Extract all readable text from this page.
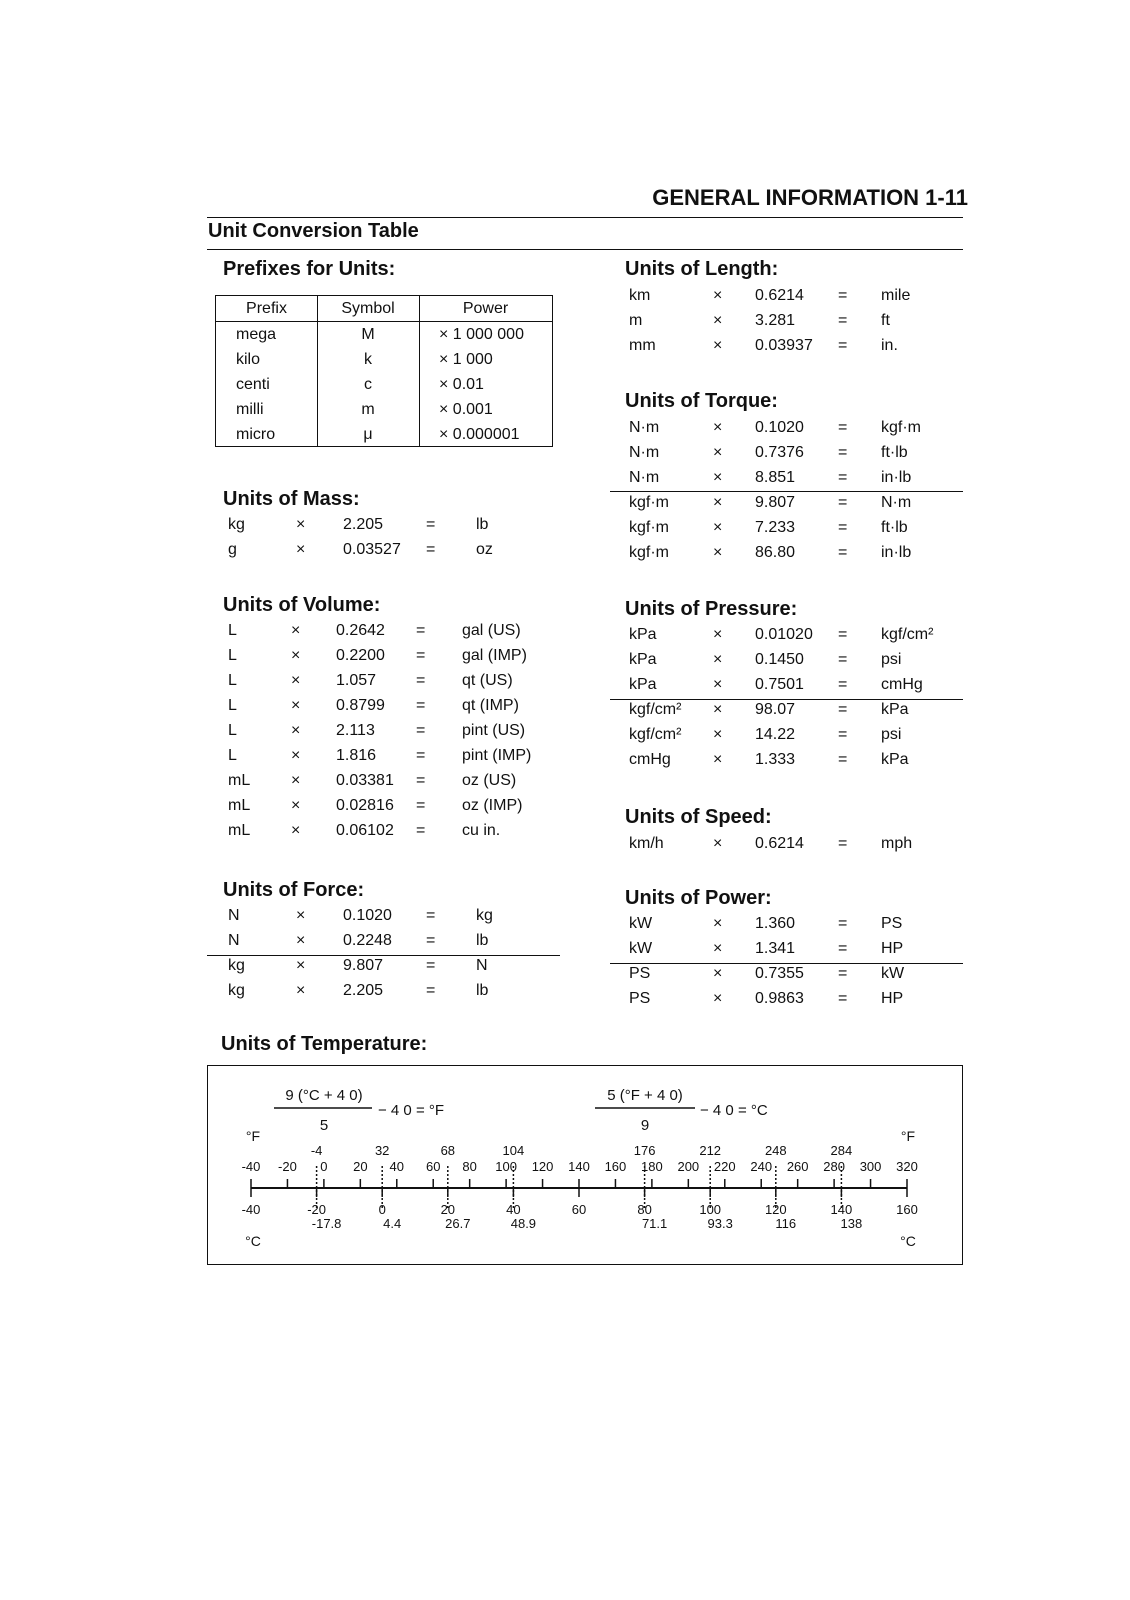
GENERAL INFORMATION 1-11
Unit Conversion Table
Prefixes for Units:
Prefix	Symbol	Power
mega	M	× 1 000 000
kilo	k	× 1 000
centi	c	× 0.01
milli	m	× 0.001
micro	μ	× 0.000001
Units of Mass:
kg	× 2.205	=	lb
g	× 0.03527 =	oz
Units of Volume:
L	× 0.2642 = gal (US)
L	× 0.2200 = gal (IMP)
L	× 1.057 = qt (US)
L	× 0.8799 = qt (IMP)
L	× 2.113	= pint (US)
L	× 1.816 = pint (IMP)
mL	× 0.03381 = oz (US)
mL	× 0.02816 = oz (IMP)
mL	× 0.06102 = cu in.
Units of Force:
N	× 0.1020 =	kg
N	× 0.2248 =	lb
kg	× 9.807	=	N
kg	× 2.205	=	lb
Units of Length:
km	× 0.6214 = mile
m	× 3.281	= ft
mm	× 0.03937 = in.
Units of Torque:
N·m	× 0.1020 = kgf·m
N·m	× 0.7376 = ft·lb
N·m	× 8.851	= in·lb
kgf·m	× 9.807	= N·m
kgf·m	× 7.233	= ft·lb
kgf·m	× 86.80	= in·lb
Units of Pressure:
kPa	× 0.01020 = kgf/cm²
kPa	× 0.1450 = psi
kPa	× 0.7501 = cmHg
kgf/cm² × 98.07	= kPa
kgf/cm² × 14.22	= psi
cmHg	× 1.333	= kPa
Units of Speed:
km/h	× 0.6214 = mph
Units of Power:
kW	× 1.360	= PS
kW	× 1.341	= HP
PS	× 0.7355 = kW
PS	× 0.9863 = HP
Units of Temperature:
9 (°C + 4 0)
5
− 4 0 = °F
5 (°F + 4 0)
9
− 4 0 = °C
°F	°F
°C	°C
-40 -20 0 20 40 60 80 100 120 140 160 180 200 220 240 260 280 300 320
-40	-20	0	20	40	60	80	100	120	140	160
-4
-17.8
32
4.4
68
26.7
104
48.9
176
71.1
212
93.3
248
116
284
138
